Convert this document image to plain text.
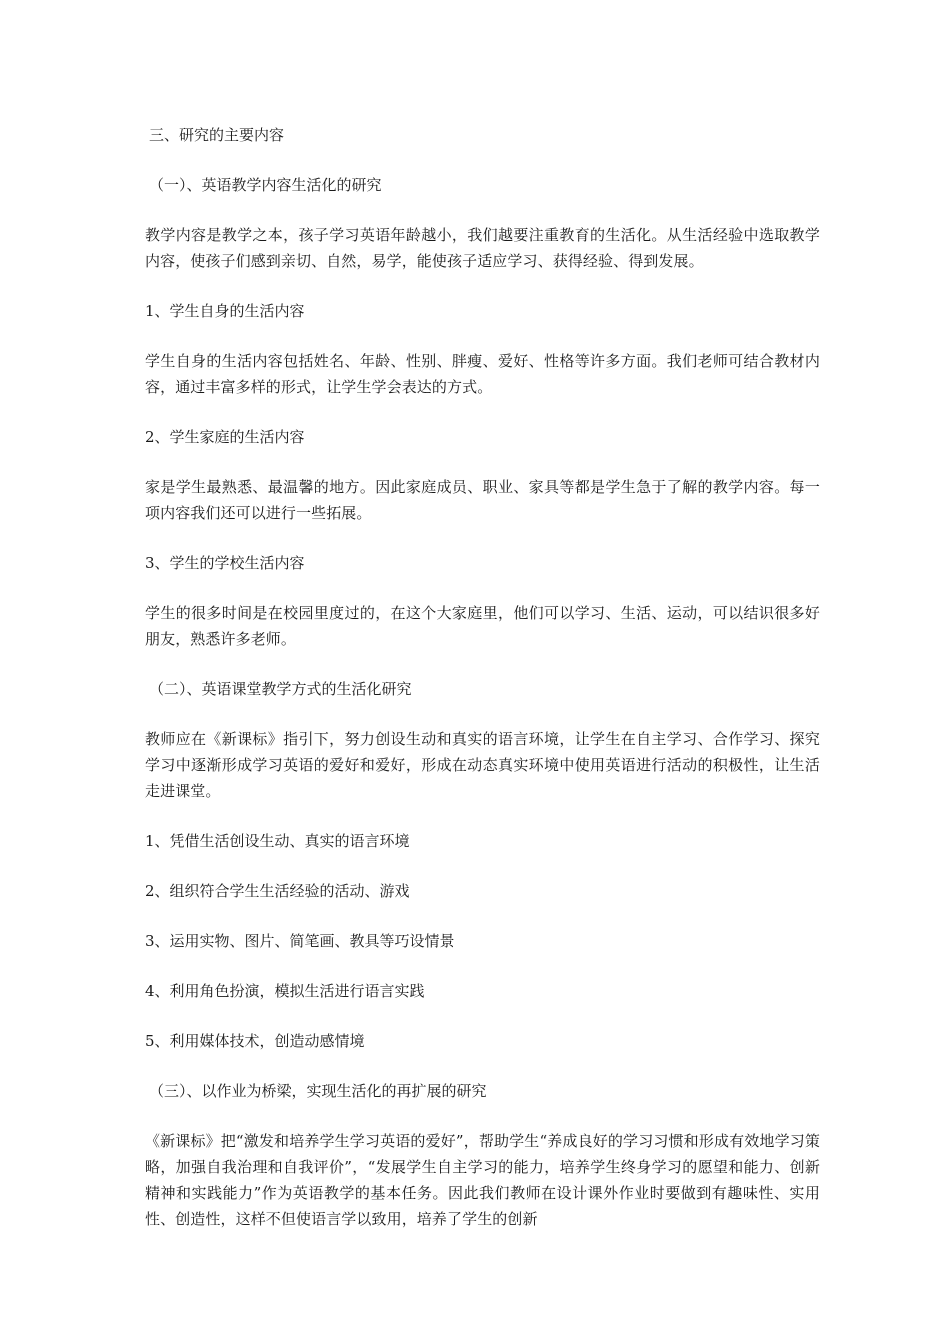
三、研究的主要内容

（一）、英语教学内容生活化的研究

教学内容是教学之本，孩子学习英语年龄越小，我们越要注重教育的生活化。从生活经验中选取教学内容，使孩子们感到亲切、自然，易学，能使孩子适应学习、获得经验、得到发展。

1、学生自身的生活内容

学生自身的生活内容包括姓名、年龄、性别、胖瘦、爱好、性格等许多方面。我们老师可结合教材内容，通过丰富多样的形式，让学生学会表达的方式。

2、学生家庭的生活内容

家是学生最熟悉、最温馨的地方。因此家庭成员、职业、家具等都是学生急于了解的教学内容。每一项内容我们还可以进行一些拓展。

3、学生的学校生活内容

学生的很多时间是在校园里度过的，在这个大家庭里，他们可以学习、生活、运动，可以结识很多好朋友，熟悉许多老师。

（二）、英语课堂教学方式的生活化研究

教师应在《新课标》指引下，努力创设生动和真实的语言环境，让学生在自主学习、合作学习、探究学习中逐渐形成学习英语的爱好和爱好，形成在动态真实环境中使用英语进行活动的积极性，让生活走进课堂。

1、凭借生活创设生动、真实的语言环境

2、组织符合学生生活经验的活动、游戏

3、运用实物、图片、简笔画、教具等巧设情景

4、利用角色扮演，模拟生活进行语言实践

5、利用媒体技术，创造动感情境

（三）、以作业为桥梁，实现生活化的再扩展的研究

《新课标》把“激发和培养学生学习英语的爱好”，帮助学生“养成良好的学习习惯和形成有效地学习策略，加强自我治理和自我评价”，“发展学生自主学习的能力，培养学生终身学习的愿望和能力、创新精神和实践能力”作为英语教学的基本任务。因此我们教师在设计课外作业时要做到有趣味性、实用性、创造性，这样不但使语言学以致用，培养了学生的创新
